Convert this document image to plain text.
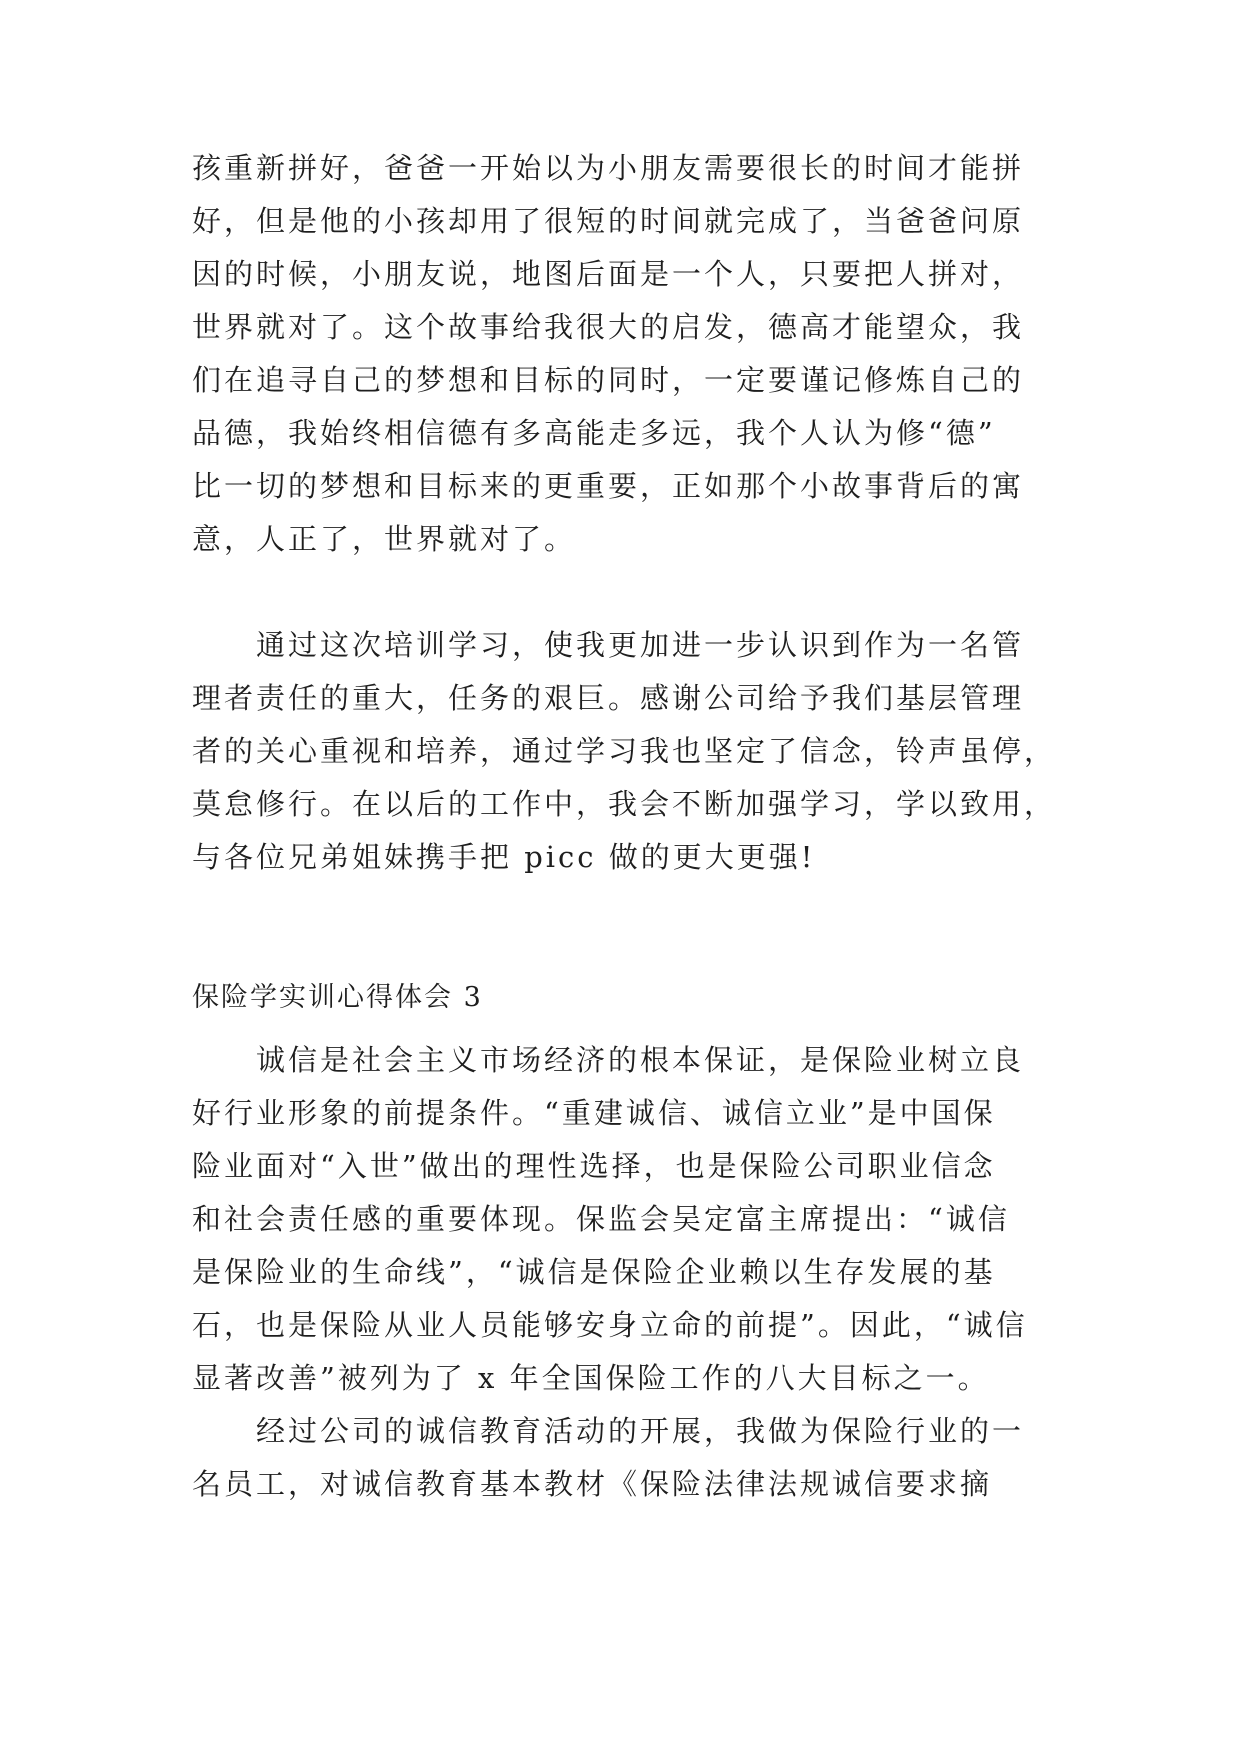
孩重新拼好，爸爸一开始以为小朋友需要很长的时间才能拼
好，但是他的小孩却用了很短的时间就完成了，当爸爸问原
因的时候，小朋友说，地图后面是一个人，只要把人拼对，
世界就对了。这个故事给我很大的启发，德高才能望众，我
们在追寻自己的梦想和目标的同时，一定要谨记修炼自己的
品德，我始终相信德有多高能走多远，我个人认为修“德”
比一切的梦想和目标来的更重要，正如那个小故事背后的寓
意，人正了，世界就对了。
　　通过这次培训学习，使我更加进一步认识到作为一名管
理者责任的重大，任务的艰巨。感谢公司给予我们基层管理
者的关心重视和培养，通过学习我也坚定了信念，铃声虽停，
莫怠修行。在以后的工作中，我会不断加强学习，学以致用，
与各位兄弟姐妹携手把 picc 做的更大更强!
保险学实训心得体会 3
　　诚信是社会主义市场经济的根本保证，是保险业树立良
好行业形象的前提条件。“重建诚信、诚信立业”是中国保
险业面对“入世”做出的理性选择，也是保险公司职业信念
和社会责任感的重要体现。保监会吴定富主席提出：“诚信
是保险业的生命线”，“诚信是保险企业赖以生存发展的基
石，也是保险从业人员能够安身立命的前提”。因此，“诚信
显著改善”被列为了 x 年全国保险工作的八大目标之一。
　　经过公司的诚信教育活动的开展，我做为保险行业的一
名员工，对诚信教育基本教材《保险法律法规诚信要求摘
